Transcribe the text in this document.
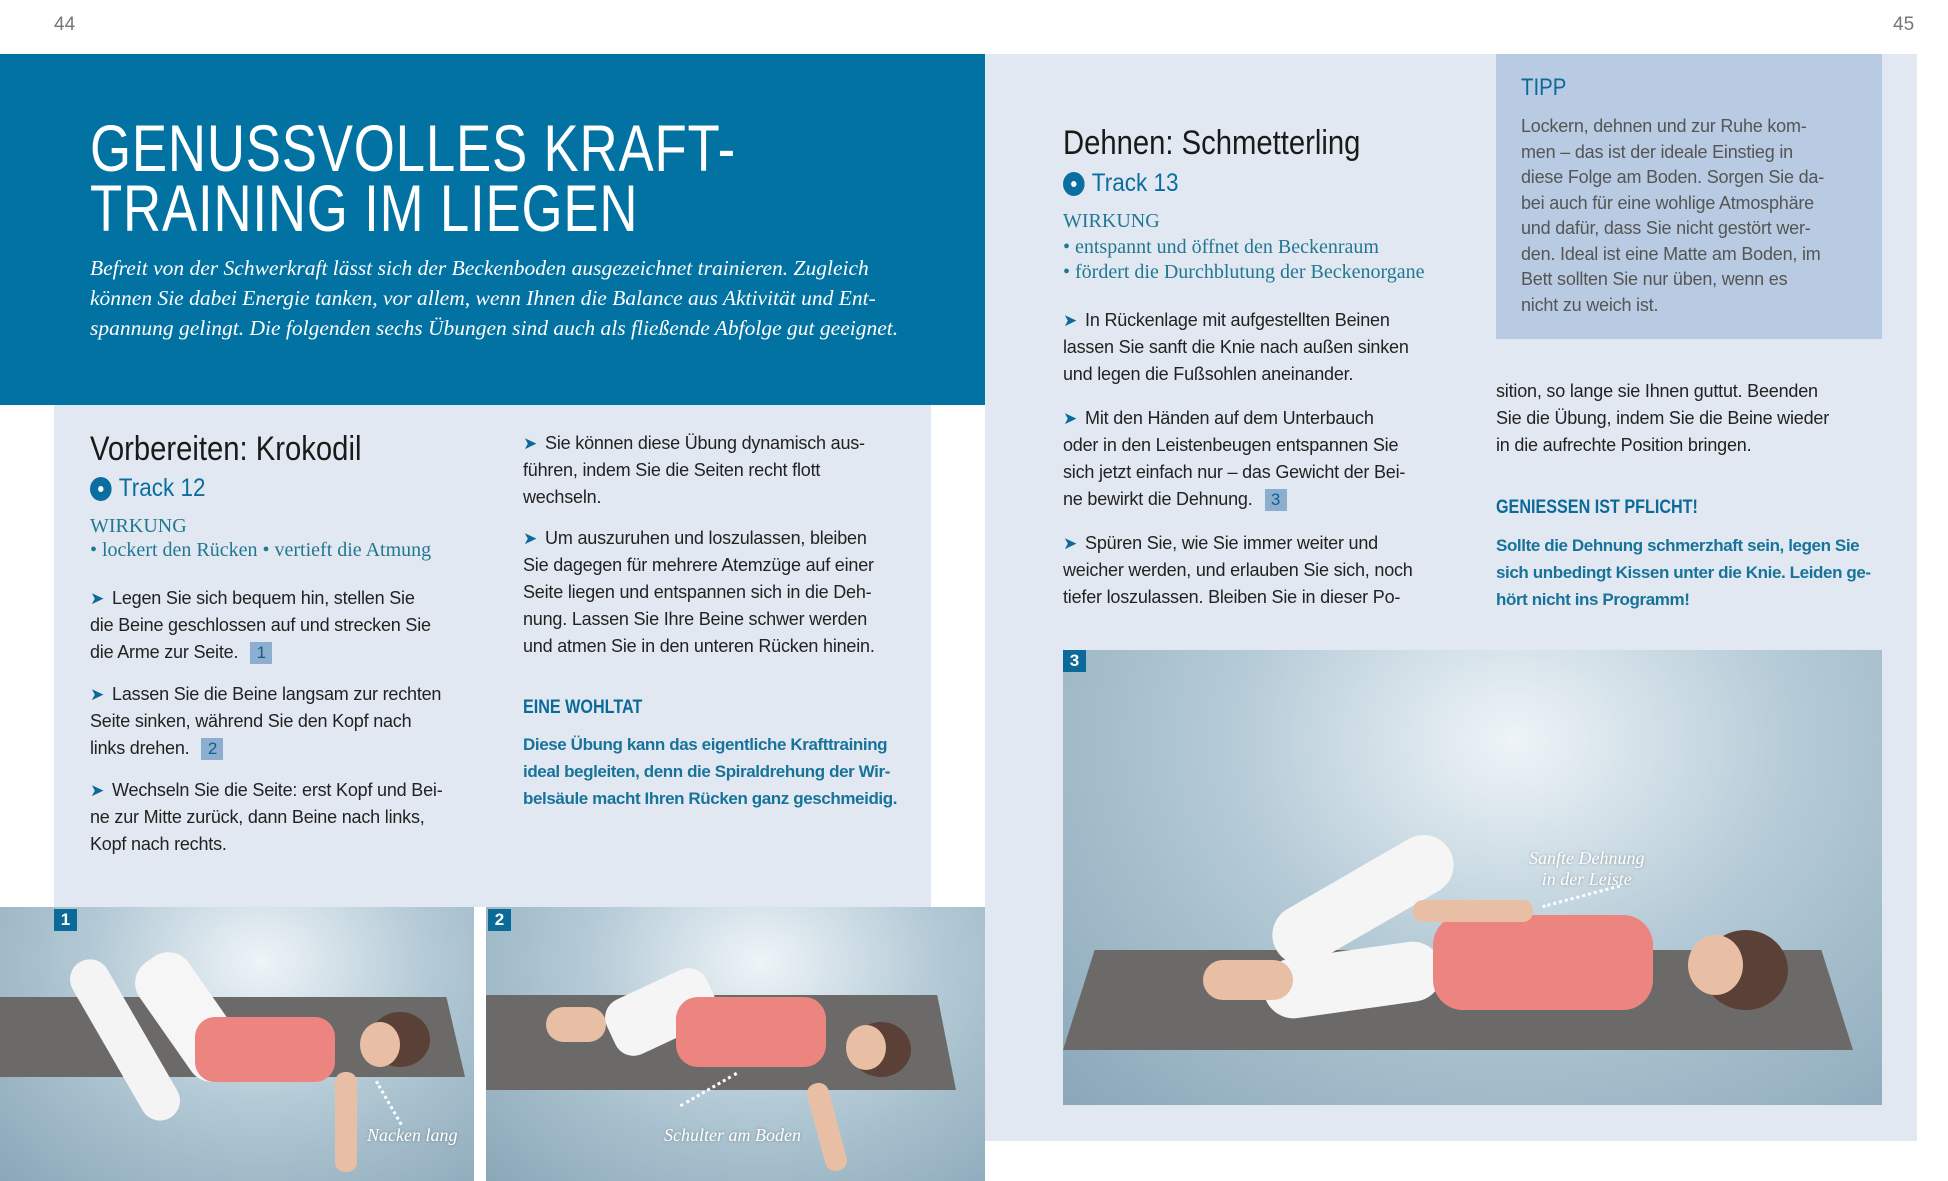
44	45
GENUSSVOLLES KRAFT-
TRAINING IM LIEGEN
Befreit von der Schwerkraft lässt sich der Beckenboden ausgezeichnet trainieren. Zugleich
können Sie dabei Energie tanken, vor allem, wenn Ihnen die Balance aus Aktivität und Ent-
spannung gelingt. Die folgenden sechs Übungen sind auch als fließende Abfolge gut geeignet.
Vorbereiten: Krokodil
Track 12
WIRKUNG
• lockert den Rücken • vertieft die Atmung
➤ Legen Sie sich bequem hin, stellen Sie
die Beine geschlossen auf und strecken Sie
die Arme zur Seite. 1
➤ Lassen Sie die Beine langsam zur rechten
Seite sinken, während Sie den Kopf nach
links drehen. 2
➤ Wechseln Sie die Seite: erst Kopf und Bei-
ne zur Mitte zurück, dann Beine nach links,
Kopf nach rechts.
➤ Sie können diese Übung dynamisch aus-
führen, indem Sie die Seiten recht flott
wechseln.
➤ Um auszuruhen und loszulassen, bleiben
Sie dagegen für mehrere Atemzüge auf einer
Seite liegen und entspannen sich in die Deh-
nung. Lassen Sie Ihre Beine schwer werden
und atmen Sie in den unteren Rücken hinein.
EINE WOHLTAT
Diese Übung kann das eigentliche Krafttraining
ideal begleiten, denn die Spiraldrehung der Wir-
belsäule macht Ihren Rücken ganz geschmeidig.
Dehnen: Schmetterling
Track 13
WIRKUNG
• entspannt und öffnet den Beckenraum
• fördert die Durchblutung der Beckenorgane
➤ In Rückenlage mit aufgestellten Beinen
lassen Sie sanft die Knie nach außen sinken
und legen die Fußsohlen aneinander.
➤ Mit den Händen auf dem Unterbauch
oder in den Leistenbeugen entspannen Sie
sich jetzt einfach nur – das Gewicht der Bei-
ne bewirkt die Dehnung. 3
➤ Spüren Sie, wie Sie immer weiter und
weicher werden, und erlauben Sie sich, noch
tiefer loszulassen. Bleiben Sie in dieser Po-
sition, so lange sie Ihnen guttut. Beenden
Sie die Übung, indem Sie die Beine wieder
in die aufrechte Position bringen.
GENIESSEN IST PFLICHT!
Sollte die Dehnung schmerzhaft sein, legen Sie
sich unbedingt Kissen unter die Knie. Leiden ge-
hört nicht ins Programm!
TIPP
Lockern, dehnen und zur Ruhe kom-
men – das ist der ideale Einstieg in
diese Folge am Boden. Sorgen Sie da-
bei auch für eine wohlige Atmosphäre
und dafür, dass Sie nicht gestört wer-
den. Ideal ist eine Matte am Boden, im
Bett sollten Sie nur üben, wenn es
nicht zu weich ist.
1
Nacken lang
2
Schulter am Boden
3
Sanfte Dehnung
in der Leiste
